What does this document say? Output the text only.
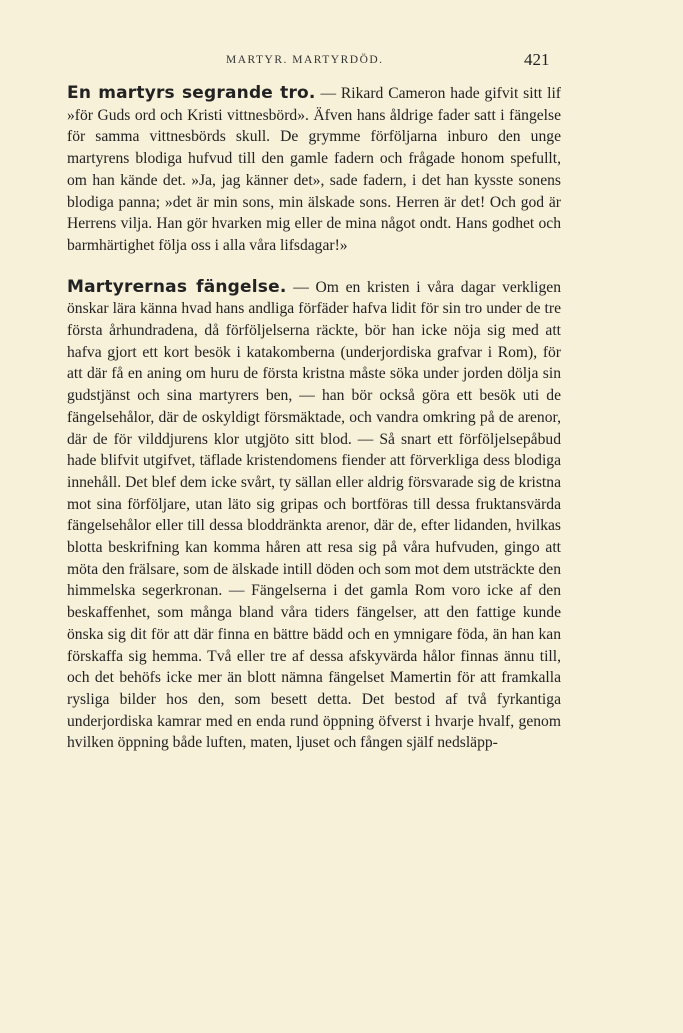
MARTYR. MARTYRDÖD.	421

En martyrs segrande tro. — Rikard Cameron hade gifvit sitt lif »för Guds ord och Kristi vittnesbörd». Äfven hans åldrige fader satt i fängelse för samma vittnesbörds skull. De grymme förföljarna inburo den unge martyrens blodiga hufvud till den gamle fadern och frågade honom spefullt, om han kände det. »Ja, jag känner det», sade fadern, i det han kysste sonens blodiga panna; »det är min sons, min älskade sons. Herren är det! Och god är Herrens vilja. Han gör hvarken mig eller de mina något ondt. Hans godhet och barmhärtighet följa oss i alla våra lifsdagar!»

Martyrernas fängelse. — Om en kristen i våra dagar verkligen önskar lära känna hvad hans andliga förfäder hafva lidit för sin tro under de tre första århundradena, då förföljelserna räckte, bör han icke nöja sig med att hafva gjort ett kort besök i katakomberna (underjordiska grafvar i Rom), för att där få en aning om huru de första kristna måste söka under jorden dölja sin gudstjänst och sina martyrers ben, — han bör också göra ett besök uti de fängelsehålor, där de oskyldigt försmäktade, och vandra omkring på de arenor, där de för vilddjurens klor utgjöto sitt blod. — Så snart ett förföljelsepåbud hade blifvit utgifvet, täflade kristendomens fiender att förverkliga dess blodiga innehåll. Det blef dem icke svårt, ty sällan eller aldrig försvarade sig de kristna mot sina förföljare, utan läto sig gripas och bortföras till dessa fruktansvärda fängelsehålor eller till dessa bloddränkta arenor, där de, efter lidanden, hvilkas blotta beskrifning kan komma håren att resa sig på våra hufvuden, gingo att möta den frälsare, som de älskade intill döden och som mot dem utsträckte den himmelska segerkronan. — Fängelserna i det gamla Rom voro icke af den beskaffenhet, som många bland våra tiders fängelser, att den fattige kunde önska sig dit för att där finna en bättre bädd och en ymnigare föda, än han kan förskaffa sig hemma. Två eller tre af dessa afskyvärda hålor finnas ännu till, och det behöfs icke mer än blott nämna fängelset Mamertin för att framkalla rysliga bilder hos den, som besett detta. Det bestod af två fyrkantiga underjordiska kamrar med en enda rund öppning öfverst i hvarje hvalf, genom hvilken öppning både luften, maten, ljuset och fången själf nedsläpp-
